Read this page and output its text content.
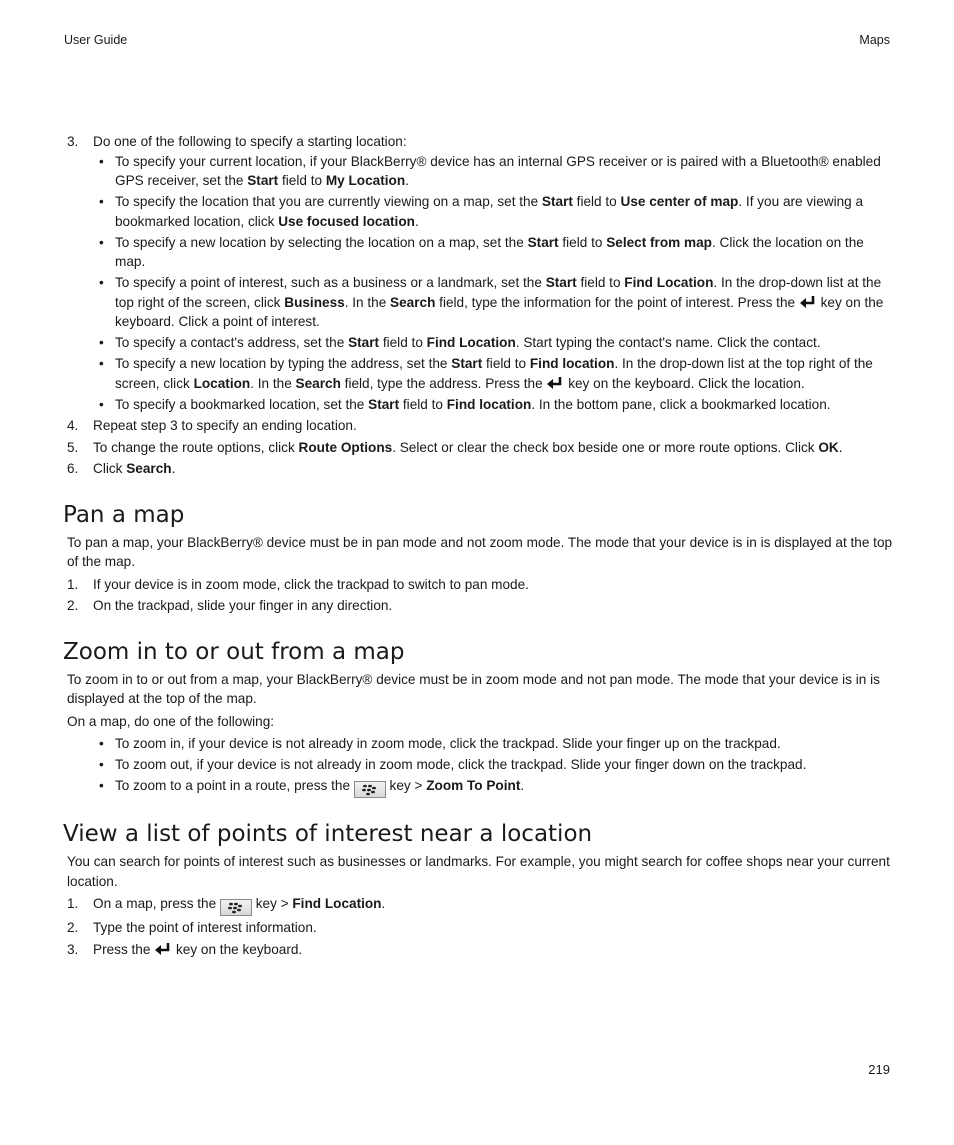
User Guide	Maps
3. Do one of the following to specify a starting location:
• To specify your current location, if your BlackBerry® device has an internal GPS receiver or is paired with a Bluetooth® enabled GPS receiver, set the Start field to My Location.
• To specify the location that you are currently viewing on a map, set the Start field to Use center of map. If you are viewing a bookmarked location, click Use focused location.
• To specify a new location by selecting the location on a map, set the Start field to Select from map. Click the location on the map.
• To specify a point of interest, such as a business or a landmark, set the Start field to Find Location. In the drop-down list at the top right of the screen, click Business. In the Search field, type the information for the point of interest. Press the  key on the keyboard. Click a point of interest.
• To specify a contact's address, set the Start field to Find Location. Start typing the contact's name. Click the contact.
• To specify a new location by typing the address, set the Start field to Find location. In the drop-down list at the top right of the screen, click Location. In the Search field, type the address. Press the  key on the keyboard. Click the location.
• To specify a bookmarked location, set the Start field to Find location. In the bottom pane, click a bookmarked location.
4. Repeat step 3 to specify an ending location.
5. To change the route options, click Route Options. Select or clear the check box beside one or more route options. Click OK.
6. Click Search.
Pan a map

To pan a map, your BlackBerry® device must be in pan mode and not zoom mode. The mode that your device is in is displayed at the top of the map.

1. If your device is in zoom mode, click the trackpad to switch to pan mode.
2. On the trackpad, slide your finger in any direction.
Zoom in to or out from a map

To zoom in to or out from a map, your BlackBerry® device must be in zoom mode and not pan mode. The mode that your device is in is displayed at the top of the map.

On a map, do one of the following:

• To zoom in, if your device is not already in zoom mode, click the trackpad. Slide your finger up on the trackpad.
• To zoom out, if your device is not already in zoom mode, click the trackpad. Slide your finger down on the trackpad.
• To zoom to a point in a route, press the  key > Zoom To Point.
View a list of points of interest near a location

You can search for points of interest such as businesses or landmarks. For example, you might search for coffee shops near your current location.

1. On a map, press the  key > Find Location.
2. Type the point of interest information.
3. Press the  key on the keyboard.
219
